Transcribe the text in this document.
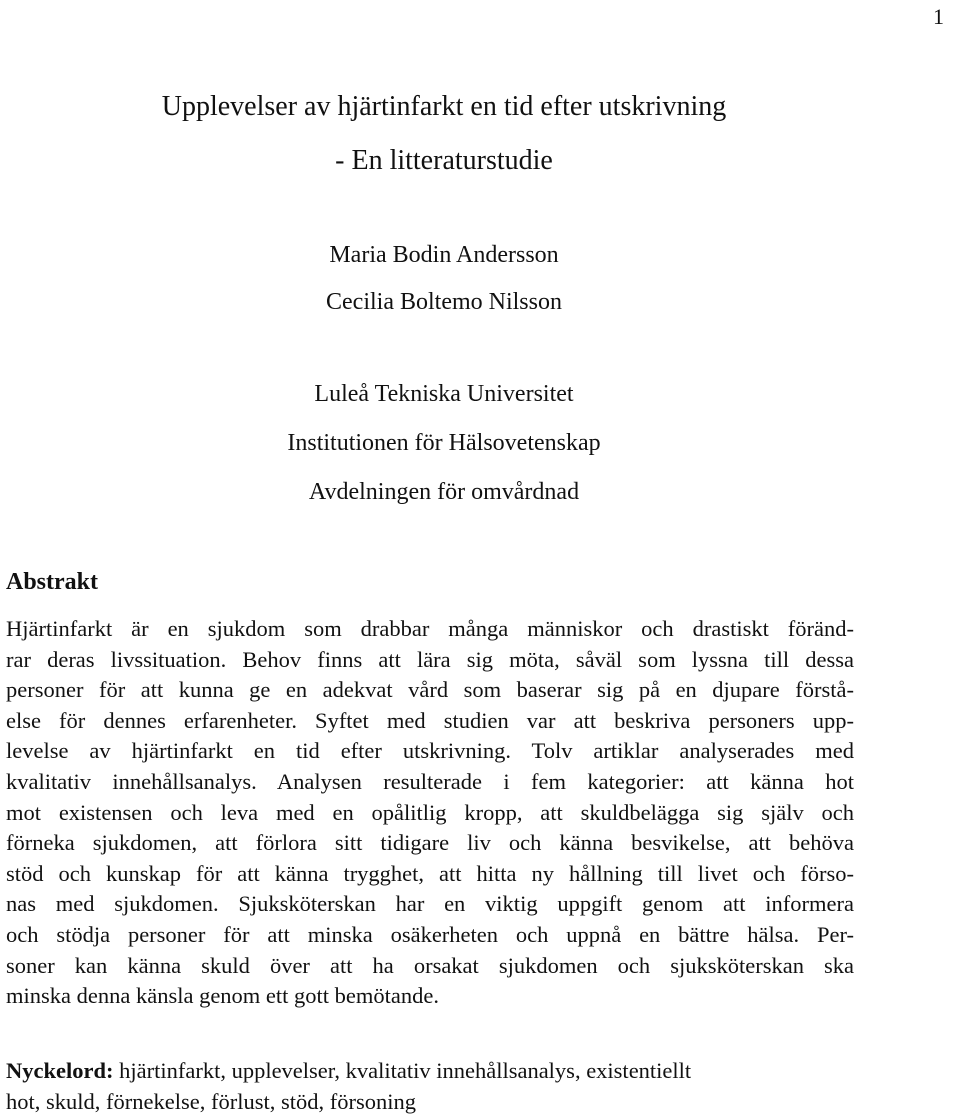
1
Upplevelser av hjärtinfarkt en tid efter utskrivning
- En litteraturstudie
Maria Bodin Andersson
Cecilia Boltemo Nilsson
Luleå Tekniska Universitet
Institutionen för Hälsovetenskap
Avdelningen för omvårdnad
Abstrakt
Hjärtinfarkt är en sjukdom som drabbar många människor och drastiskt föränd-
rar deras livssituation. Behov finns att lära sig möta, såväl som lyssna till dessa
personer för att kunna ge en adekvat vård som baserar sig på en djupare förstå-
else för dennes erfarenheter. Syftet med studien var att beskriva personers upp-
levelse av hjärtinfarkt en tid efter utskrivning. Tolv artiklar analyserades med
kvalitativ innehållsanalys. Analysen resulterade i fem kategorier: att känna hot
mot existensen och leva med en opålitlig kropp, att skuldbelägga sig själv och
förneka sjukdomen, att förlora sitt tidigare liv och känna besvikelse, att behöva
stöd och kunskap för att känna trygghet, att hitta ny hållning till livet och förso-
nas med sjukdomen. Sjuksköterskan har en viktig uppgift genom att informera
och stödja personer för att minska osäkerheten och uppnå en bättre hälsa. Per-
soner kan känna skuld över att ha orsakat sjukdomen och sjuksköterskan ska
minska denna känsla genom ett gott bemötande.
Nyckelord: hjärtinfarkt, upplevelser, kvalitativ innehållsanalys, existentiellt
hot, skuld, förnekelse, förlust, stöd, försoning
